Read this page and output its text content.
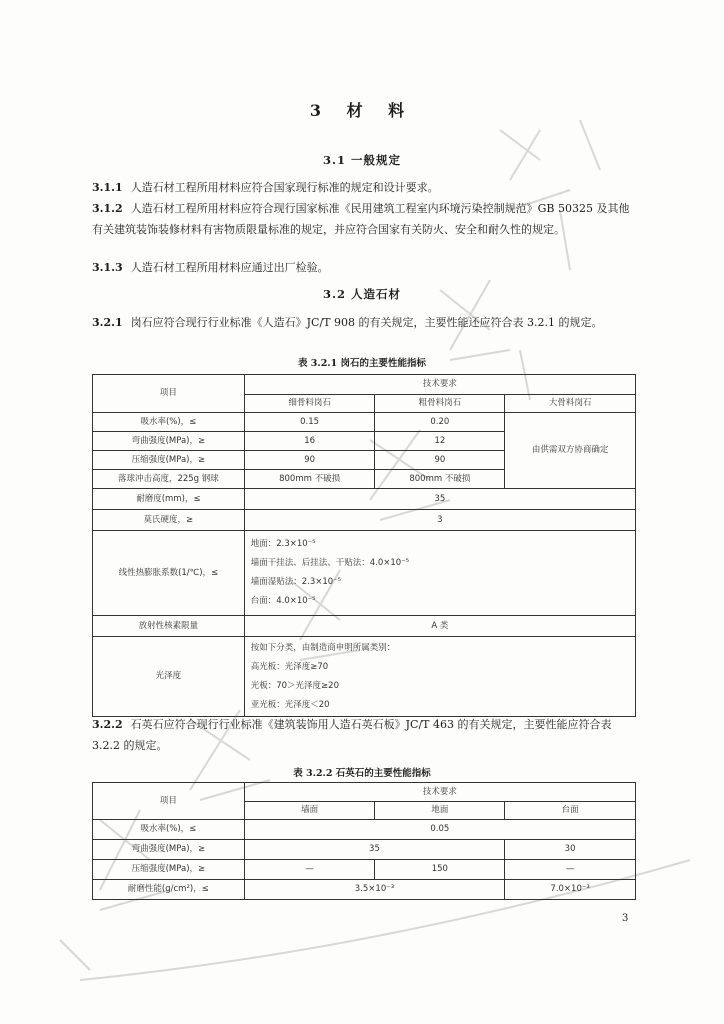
3 材 料
3.1 一般规定
3.1.1 人造石材工程所用材料应符合国家现行标准的规定和设计要求。
3.1.2 人造石材工程所用材料应符合现行国家标准《民用建筑工程室内环境污染控制规范》GB 50325 及其他有关建筑装饰装修材料有害物质限量标准的规定，并应符合国家有关防火、安全和耐久性的规定。
3.1.3 人造石材工程所用材料应通过出厂检验。
3.2 人造石材
3.2.1 岗石应符合现行行业标准《人造石》JC/T 908 的有关规定，主要性能还应符合表 3.2.1 的规定。
表 3.2.1 岗石的主要性能指标
项目	技术要求		
	细骨料岗石	粗骨料岗石	大骨料岗石
吸水率(%)，≤	0.15	0.20	由供需双方协商确定
弯曲强度(MPa)，≥	16	12	
压缩强度(MPa)，≥	90	90	
落球冲击高度，225g 钢球	800mm 不破损	800mm 不破损	
耐磨度(mm)，≤	35		
莫氏硬度，≥	3		
线性热膨胀系数(1/℃)，≤	地面：2.3×10⁻⁵
墙面干挂法、后挂法、干贴法：4.0×10⁻⁵
墙面湿贴法：2.3×10⁻⁵
台面：4.0×10⁻⁵		

放射性核素限量	A 类		
光泽度	按如下分类，由制造商申明所属类别：
高光板：光泽度≥70
光板：70＞光泽度≥20
亚光板：光泽度＜20		
3.2.2 石英石应符合现行行业标准《建筑装饰用人造石英石板》JC/T 463 的有关规定，主要性能应符合表 3.2.2 的规定。
表 3.2.2 石英石的主要性能指标
项目	技术要求		
	墙面	地面	台面
吸水率(%)，≤	0.05		
弯曲强度(MPa)，≥	35		30
压缩强度(MPa)，≥	—	150	—
耐磨性能(g/cm²)，≤	3.5×10⁻³		7.0×10⁻³
3
